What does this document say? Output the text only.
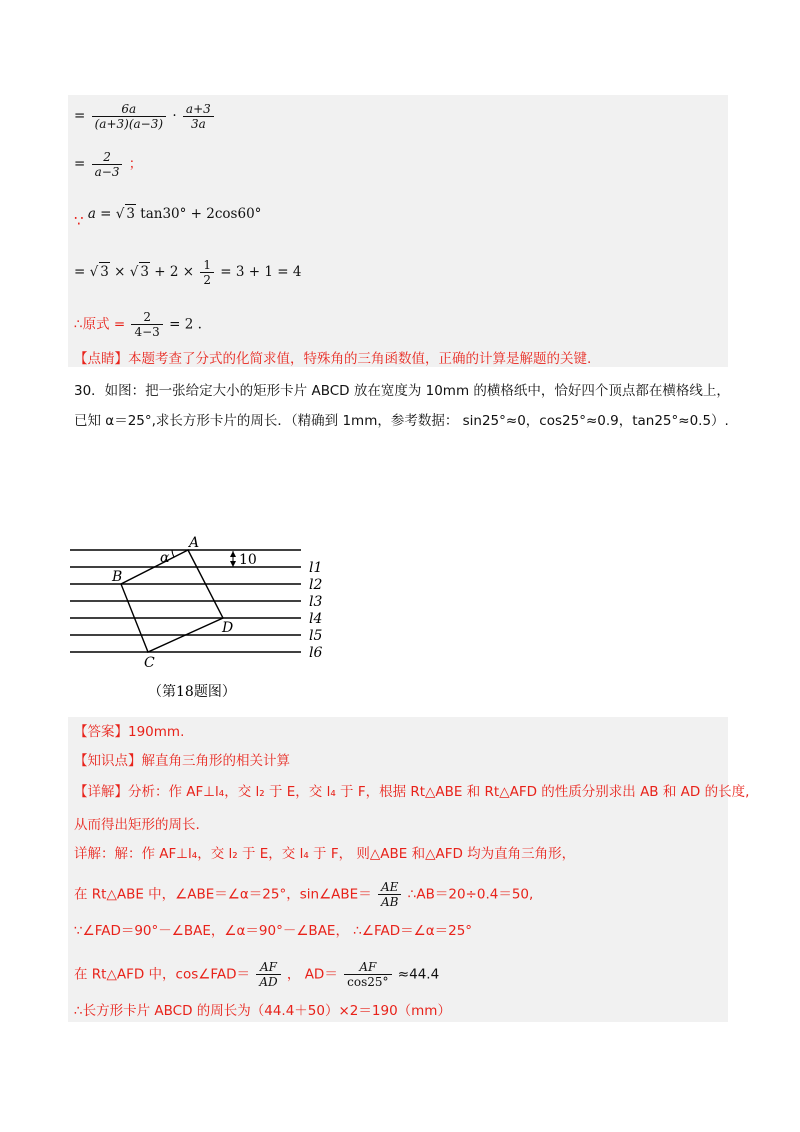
= $\frac{6a}{(a+3)(a-3)} \cdot \frac{a+3}{3a}$
= $\frac{2}{a-3}$ ；
∵ a = √ 3 tan30° + 2cos60°
= √ 3 × √ $3 + 2 \times \frac{1}{2} = 3 + 1 = 4$
∴原式 = $\frac{2}{4-3} = 2$ .
【点睛】本题考查了分式的化简求值，特殊角的三角函数值，正确的计算是解题的关键.
30．如图：把一张给定大小的矩形卡片 ABCD 放在宽度为 10mm 的横格纸中，恰好四个顶点都在横格线上，
已知 α＝25°,求长方形卡片的周长．（精确到 1mm，参考数据： sin25°≈0，cos25°≈0.9，tan25°≈0.5）.
A
B
C
D
α	10	l1
l2
l3
l4
l5
l6
（第18题图）
【答案】190mm.
【知识点】解直角三角形的相关计算
【详解】分析：作 AF⊥l₄，交 l₂ 于 E，交 l₄ 于 F，根据 Rt△ABE 和 Rt△AFD 的性质分别求出 AB 和 AD 的长度,
从而得出矩形的周长.
详解：解：作 AF⊥l₄，交 l₂ 于 E，交 l₄ 于 F， 则△ABE 和△AFD 均为直角三角形，
在 Rt△ABE 中，∠ABE＝∠α＝25°，sin∠ABE＝ $\frac{AE}{AB}$ ∴AB＝20÷0.4＝50,
∵∠FAD＝90°－∠BAE，∠α＝90°－∠BAE， ∴∠FAD＝∠α＝25°
在 Rt△AFD 中，cos∠FAD＝ $\frac{AF}{AD}$ ， $AD= \frac{AF}{\cos 25^\circ} \approx 44.4$
∴长方形卡片 ABCD 的周长为（44.4＋50）×2＝190（mm）
